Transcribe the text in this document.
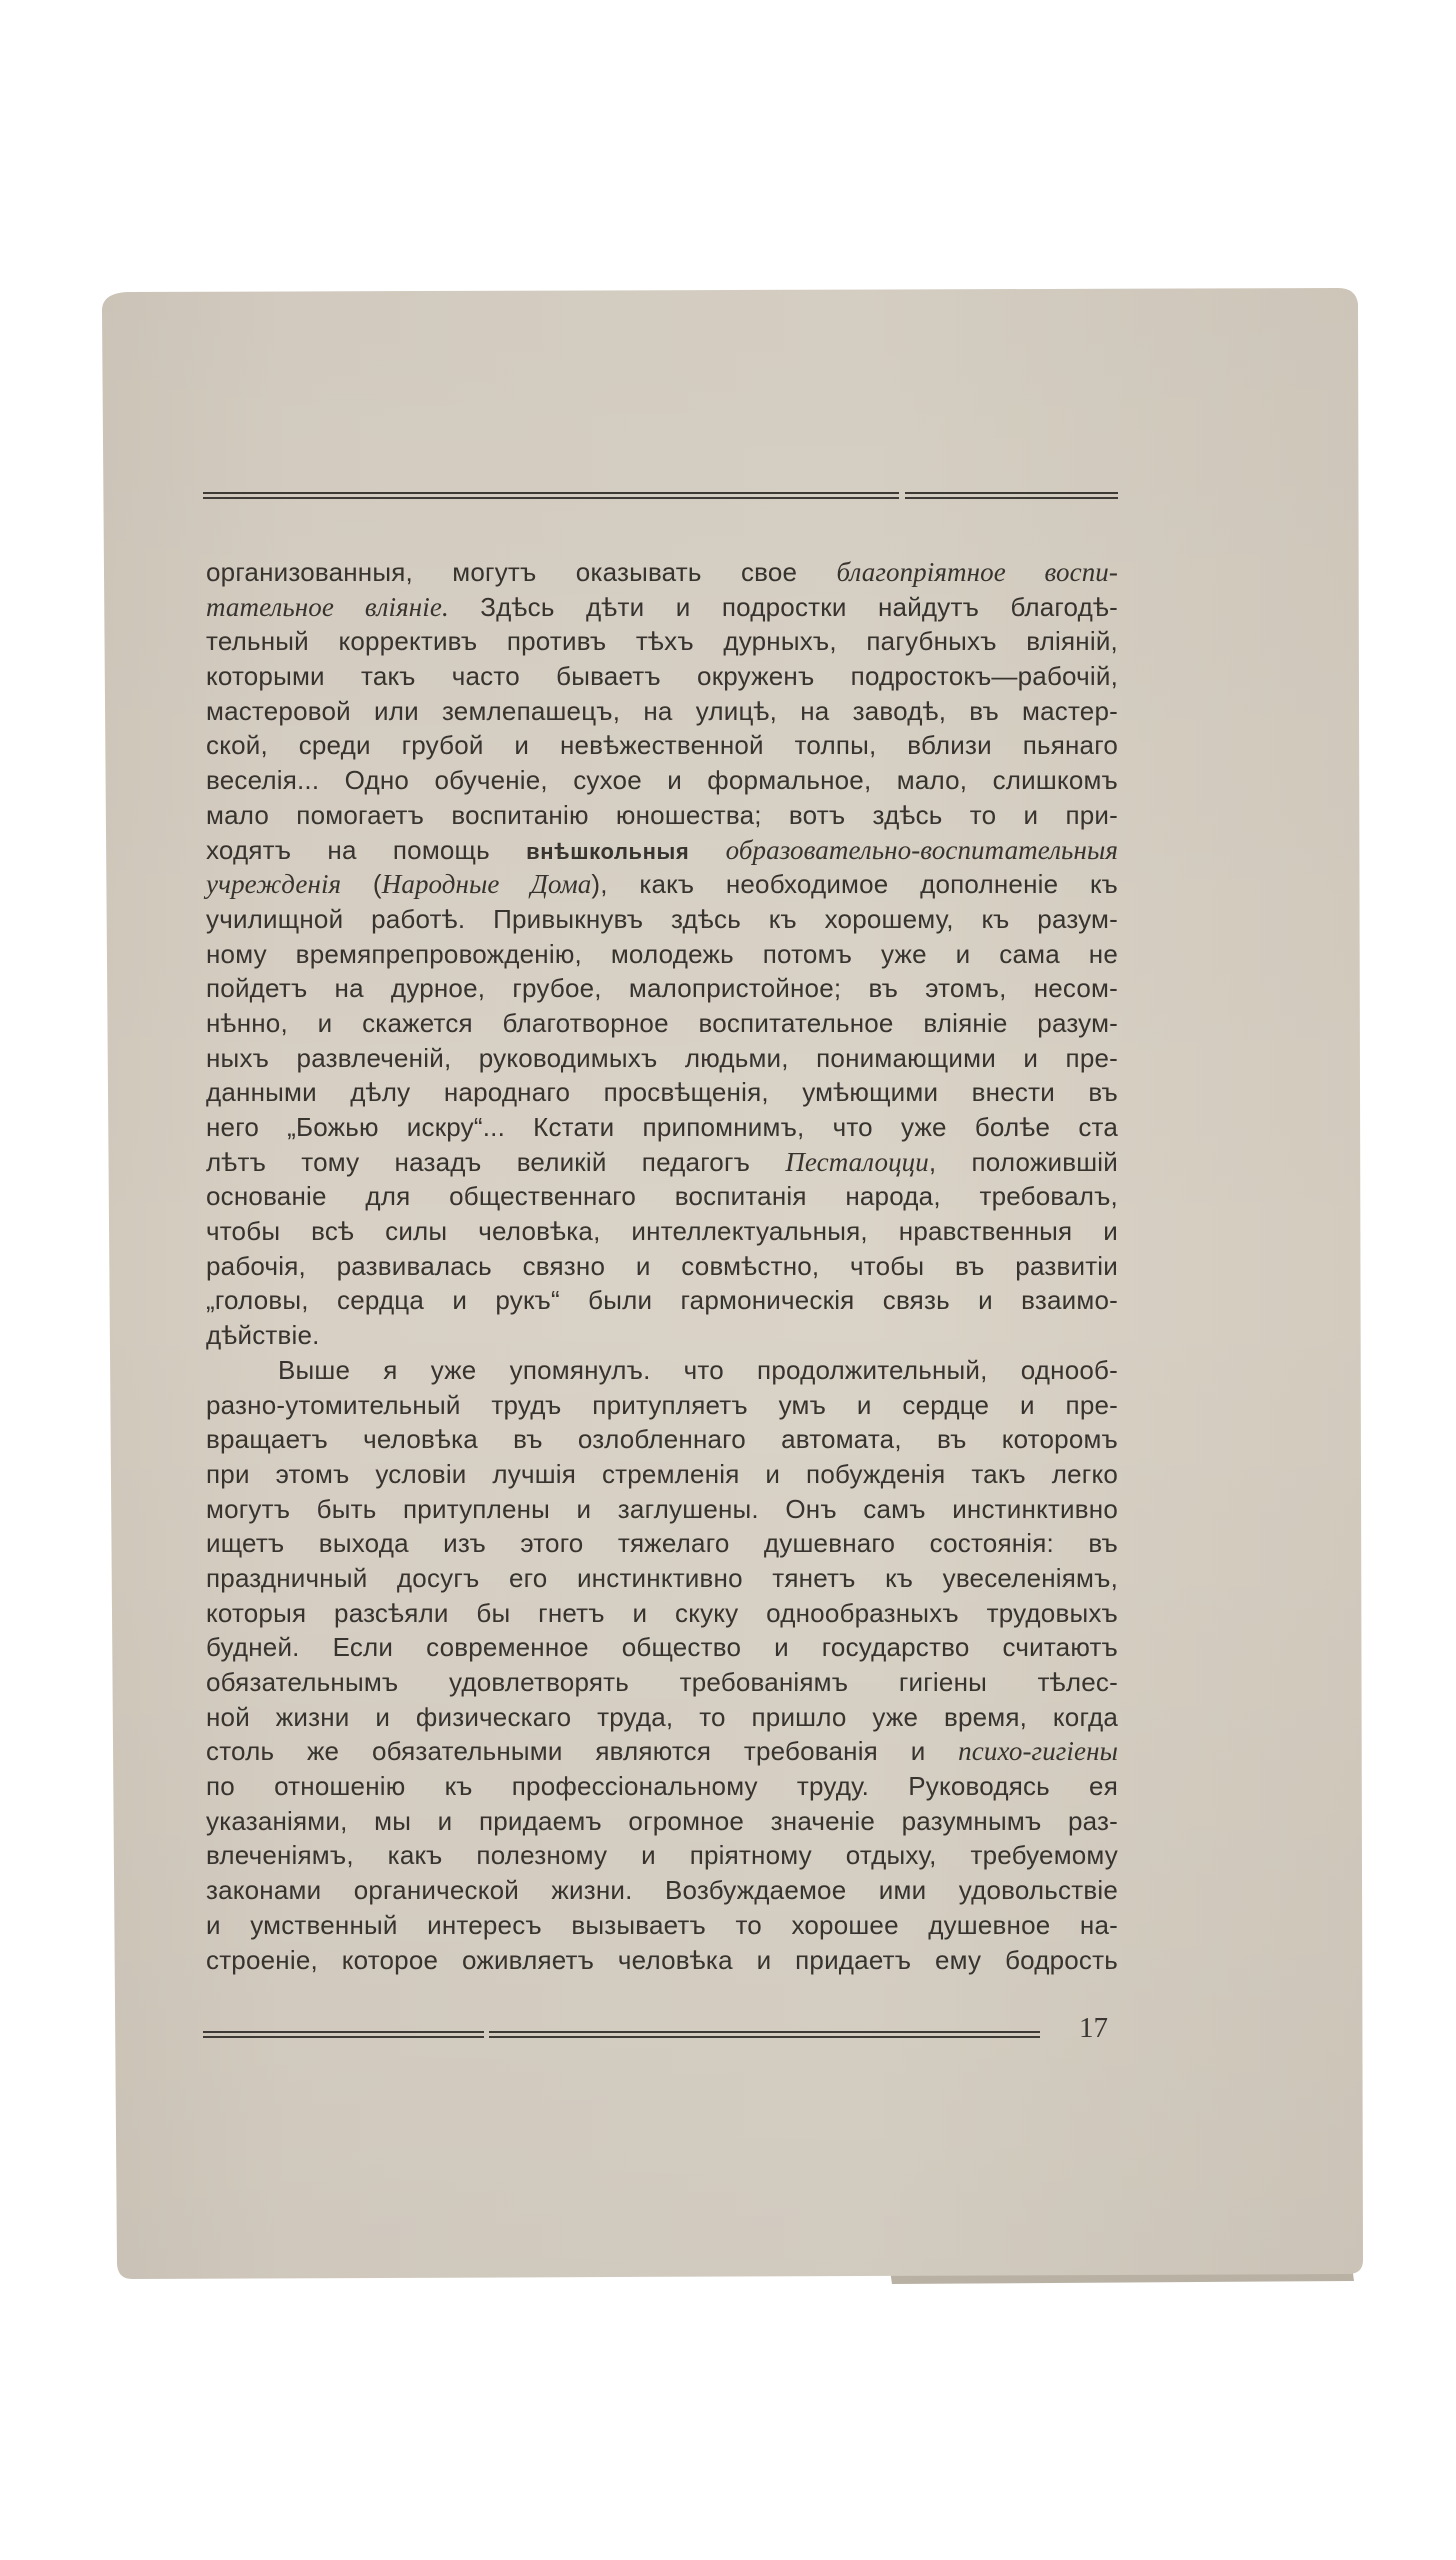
организованныя, могутъ оказывать свое благопріятное воспи-
тательное вліяніе. Здѣсь дѣти и подростки найдутъ благодѣ-
тельный коррективъ противъ тѣхъ дурныхъ, пагубныхъ вліяній,
которыми такъ часто бываетъ окруженъ подростокъ—рабочій,
мастеровой или землепашецъ, на улицѣ, на заводѣ, въ мастер-
ской, среди грубой и невѣжественной толпы, вблизи пьянаго
веселія... Одно обученіе, сухое и формальное, мало, слишкомъ
мало помогаетъ воспитанію юношества; вотъ здѣсь то и при-
ходятъ на помощь внѣшкольныя образовательно-воспитательныя
учрежденія (Народные Дома), какъ необходимое дополненіе къ
училищной работѣ. Привыкнувъ здѣсь къ хорошему, къ разум-
ному времяпрепровожденію, молодежь потомъ уже и сама не
пойдетъ на дурное, грубое, малопристойное; въ этомъ, несом-
нѣнно, и скажется благотворное воспитательное вліяніе разум-
ныхъ развлеченій, руководимыхъ людьми, понимающими и пре-
данными дѣлу народнаго просвѣщенія, умѣющими внести въ
него „Божью искру“... Кстати припомнимъ, что уже болѣе ста
лѣтъ тому назадъ великій педагогъ Песталоцци, положившій
основаніе для общественнаго воспитанія народа, требовалъ,
чтобы всѣ силы человѣка, интеллектуальныя, нравственныя и
рабочія, развивалась связно и совмѣстно, чтобы въ развитіи
„головы, сердца и рукъ“ были гармоническія связь и взаимо-
дѣйствіе.
Выше я уже упомянулъ. что продолжительный, однооб-
разно-утомительный трудъ притупляетъ умъ и сердце и пре-
вращаетъ человѣка въ озлобленнаго автомата, въ которомъ
при этомъ условіи лучшія стремленія и побужденія такъ легко
могутъ быть притуплены и заглушены. Онъ самъ инстинктивно
ищетъ выхода изъ этого тяжелаго душевнаго состоянія: въ
праздничный досугъ его инстинктивно тянетъ къ увеселеніямъ,
которыя разсѣяли бы гнетъ и скуку однообразныхъ трудовыхъ
будней. Если современное общество и государство считаютъ
обязательнымъ удовлетворять требованіямъ гигіены тѣлес-
ной жизни и физическаго труда, то пришло уже время, когда
столь же обязательными являются требованія и психо-гигіены
по отношенію къ профессіональному труду. Руководясь ея
указаніями, мы и придаемъ огромное значеніе разумнымъ раз-
влеченіямъ, какъ полезному и пріятному отдыху, требуемому
законами органической жизни. Возбуждаемое ими удовольствіе
и умственный интересъ вызываетъ то хорошее душевное на-
строеніе, которое оживляетъ человѣка и придаетъ ему бодрость
17
